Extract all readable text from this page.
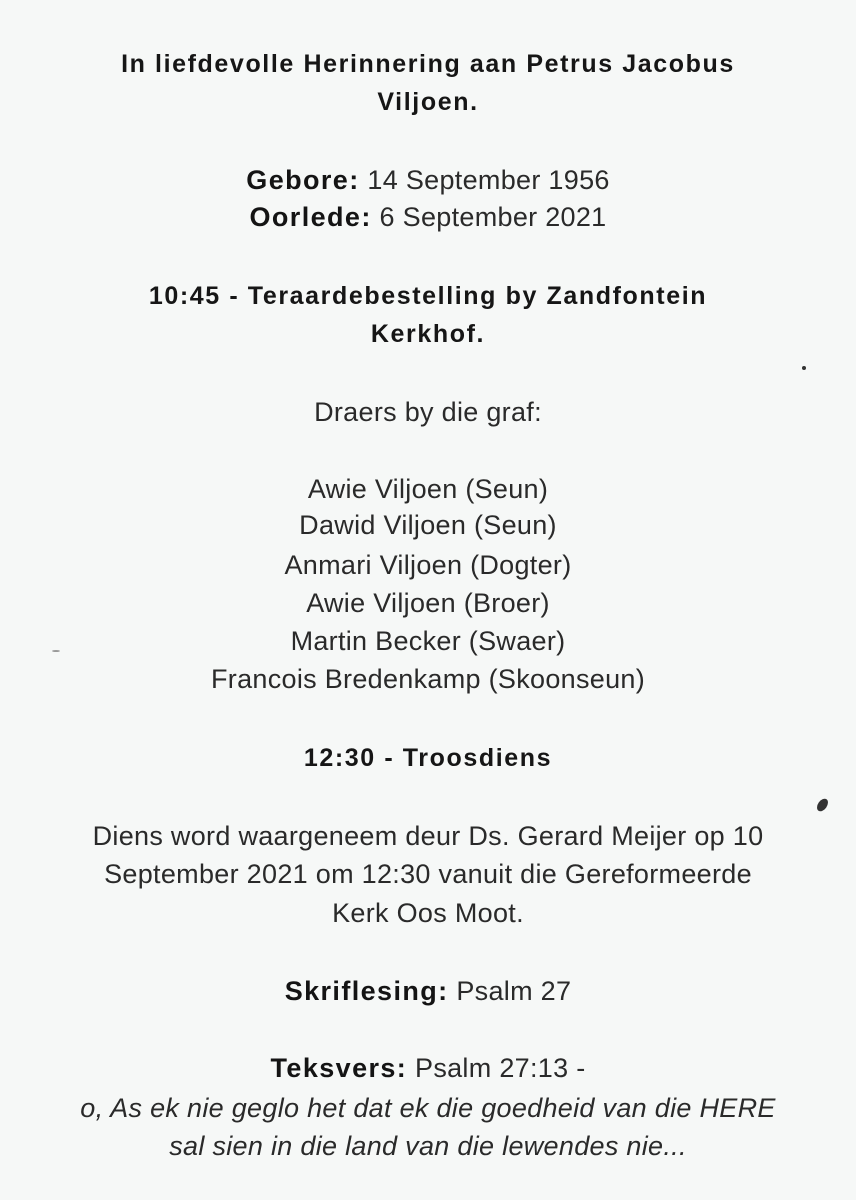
In liefdevolle Herinnering aan Petrus Jacobus
Viljoen.
Gebore: 14 September 1956
Oorlede: 6 September 2021
10:45 - Teraardebestelling by Zandfontein
Kerkhof.
Draers by die graf:
Awie Viljoen (Seun)
Dawid Viljoen (Seun)
Anmari Viljoen (Dogter)
Awie Viljoen (Broer)
Martin Becker (Swaer)
Francois Bredenkamp (Skoonseun)
12:30 - Troosdiens
Diens word waargeneem deur Ds. Gerard Meijer op 10
September 2021 om 12:30 vanuit die Gereformeerde
Kerk Oos Moot.
Skriflesing: Psalm 27
Teksvers: Psalm 27:13 -
o, As ek nie geglo het dat ek die goedheid van die HERE
sal sien in die land van die lewendes nie...
